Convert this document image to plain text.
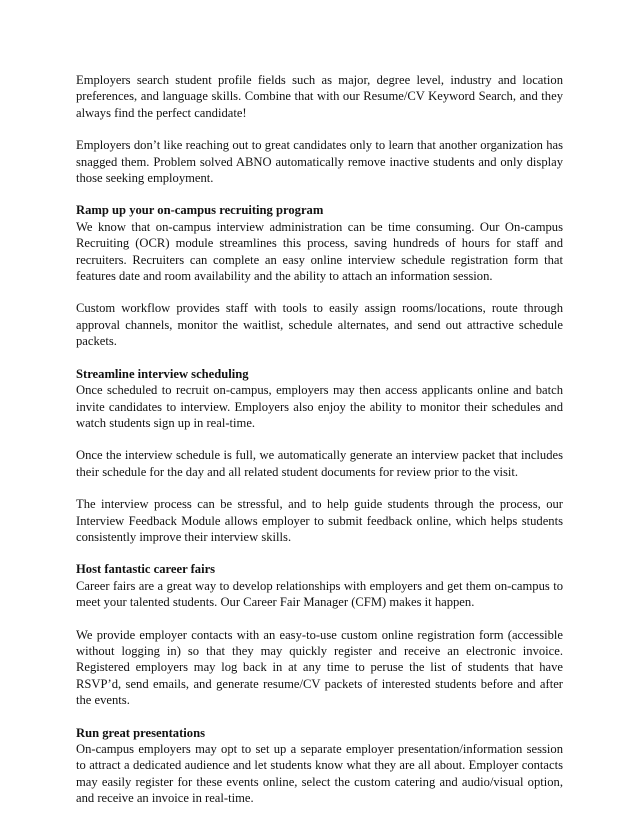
Employers search student profile fields such as major, degree level, industry and location preferences, and language skills. Combine that with our Resume/CV Keyword Search, and they always find the perfect candidate!

Employers don’t like reaching out to great candidates only to learn that another organization has snagged them. Problem solved ABNO automatically remove inactive students and only display those seeking employment.

Ramp up your on-campus recruiting program

We know that on-campus interview administration can be time consuming. Our On-campus Recruiting (OCR) module streamlines this process, saving hundreds of hours for staff and recruiters. Recruiters can complete an easy online interview schedule registration form that features date and room availability and the ability to attach an information session.

Custom workflow provides staff with tools to easily assign rooms/locations, route through approval channels, monitor the waitlist, schedule alternates, and send out attractive schedule packets.

Streamline interview scheduling

Once scheduled to recruit on-campus, employers may then access applicants online and batch invite candidates to interview. Employers also enjoy the ability to monitor their schedules and watch students sign up in real-time.

Once the interview schedule is full, we automatically generate an interview packet that includes their schedule for the day and all related student documents for review prior to the visit.

The interview process can be stressful, and to help guide students through the process, our Interview Feedback Module allows employer to submit feedback online, which helps students consistently improve their interview skills.

Host fantastic career fairs

Career fairs are a great way to develop relationships with employers and get them on-campus to meet your talented students. Our Career Fair Manager (CFM) makes it happen.

We provide employer contacts with an easy-to-use custom online registration form (accessible without logging in) so that they may quickly register and receive an electronic invoice. Registered employers may log back in at any time to peruse the list of students that have RSVP’d, send emails, and generate resume/CV packets of interested students before and after the events.

Run great presentations

On-campus employers may opt to set up a separate employer presentation/information session to attract a dedicated audience and let students know what they are all about. Employer contacts may easily register for these events online, select the custom catering and audio/visual option, and receive an invoice in real-time.
